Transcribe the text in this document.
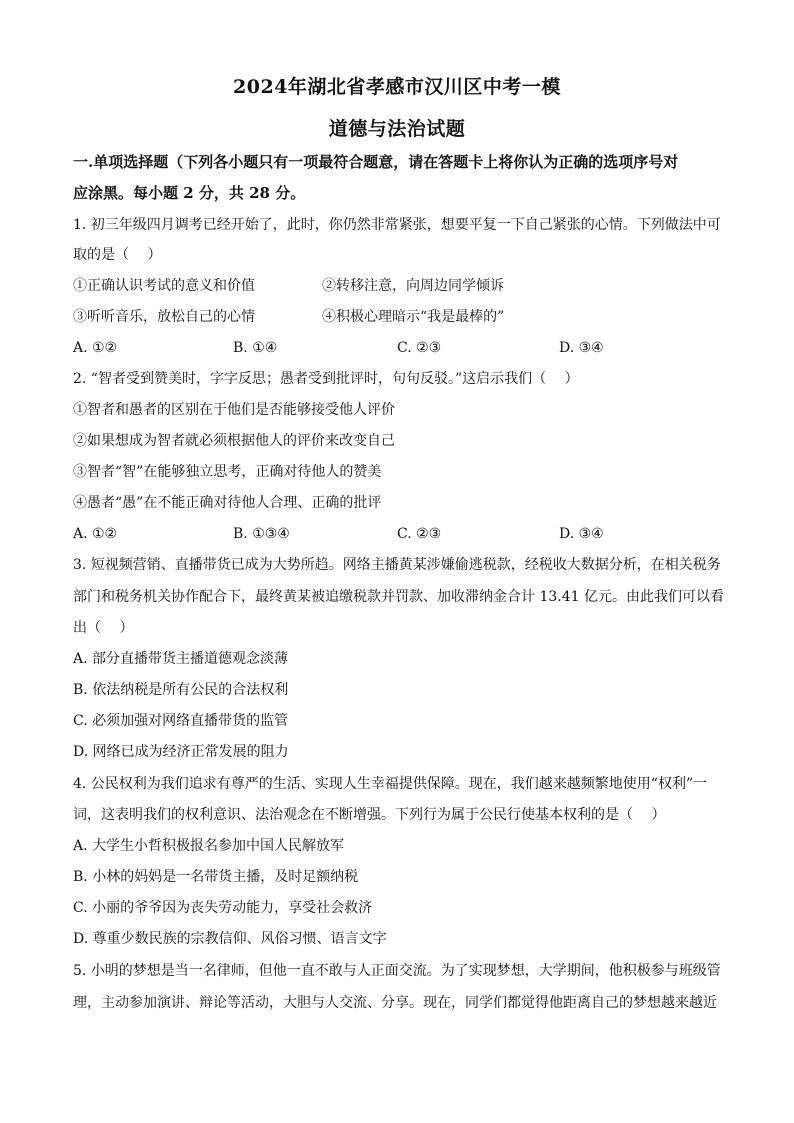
2024年湖北省孝感市汉川区中考一模
道德与法治试题
一.单项选择题（下列各小题只有一项最符合题意，请在答题卡上将你认为正确的选项序号对
应涂黑。每小题 2 分，共 28 分。
1. 初三年级四月调考已经开始了，此时，你仍然非常紧张，想要平复一下自己紧张的心情。下列做法中可
取的是（　 ）
①正确认识考试的意义和价值	②转移注意，向周边同学倾诉
③听听音乐，放松自己的心情	④积极心理暗示“我是最棒的”
A. ①②	B. ①④	C. ②③	D. ③④
2. “智者受到赞美时，字字反思；愚者受到批评时，句句反驳。”这启示我们（　 ）
①智者和愚者的区别在于他们是否能够接受他人评价
②如果想成为智者就必须根据他人的评价来改变自己
③智者“智”在能够独立思考，正确对待他人的赞美
④愚者“愚”在不能正确对待他人合理、正确的批评
A. ①②	B. ①③④	C. ②③	D. ③④
3. 短视频营销、直播带货已成为大势所趋。网络主播黄某涉嫌偷逃税款，经税收大数据分析，在相关税务
部门和税务机关协作配合下，最终黄某被追缴税款并罚款、加收滞纳金合计 13.41 亿元。由此我们可以看
出（　 ）
A. 部分直播带货主播道德观念淡薄
B. 依法纳税是所有公民的合法权利
C. 必须加强对网络直播带货的监管
D. 网络已成为经济正常发展的阻力
4. 公民权利为我们追求有尊严的生活、实现人生幸福提供保障。现在，我们越来越频繁地使用“权利”一
词，这表明我们的权利意识、法治观念在不断增强。下列行为属于公民行使基本权利的是（　 ）
A. 大学生小哲积极报名参加中国人民解放军
B. 小林的妈妈是一名带货主播，及时足额纳税
C. 小丽的爷爷因为丧失劳动能力，享受社会救济
D. 尊重少数民族的宗教信仰、风俗习惯、语言文字
5. 小明的梦想是当一名律师，但他一直不敢与人正面交流。为了实现梦想，大学期间，他积极参与班级管
理，主动参加演讲、辩论等活动，大胆与人交流、分享。现在，同学们都觉得他距离自己的梦想越来越近
